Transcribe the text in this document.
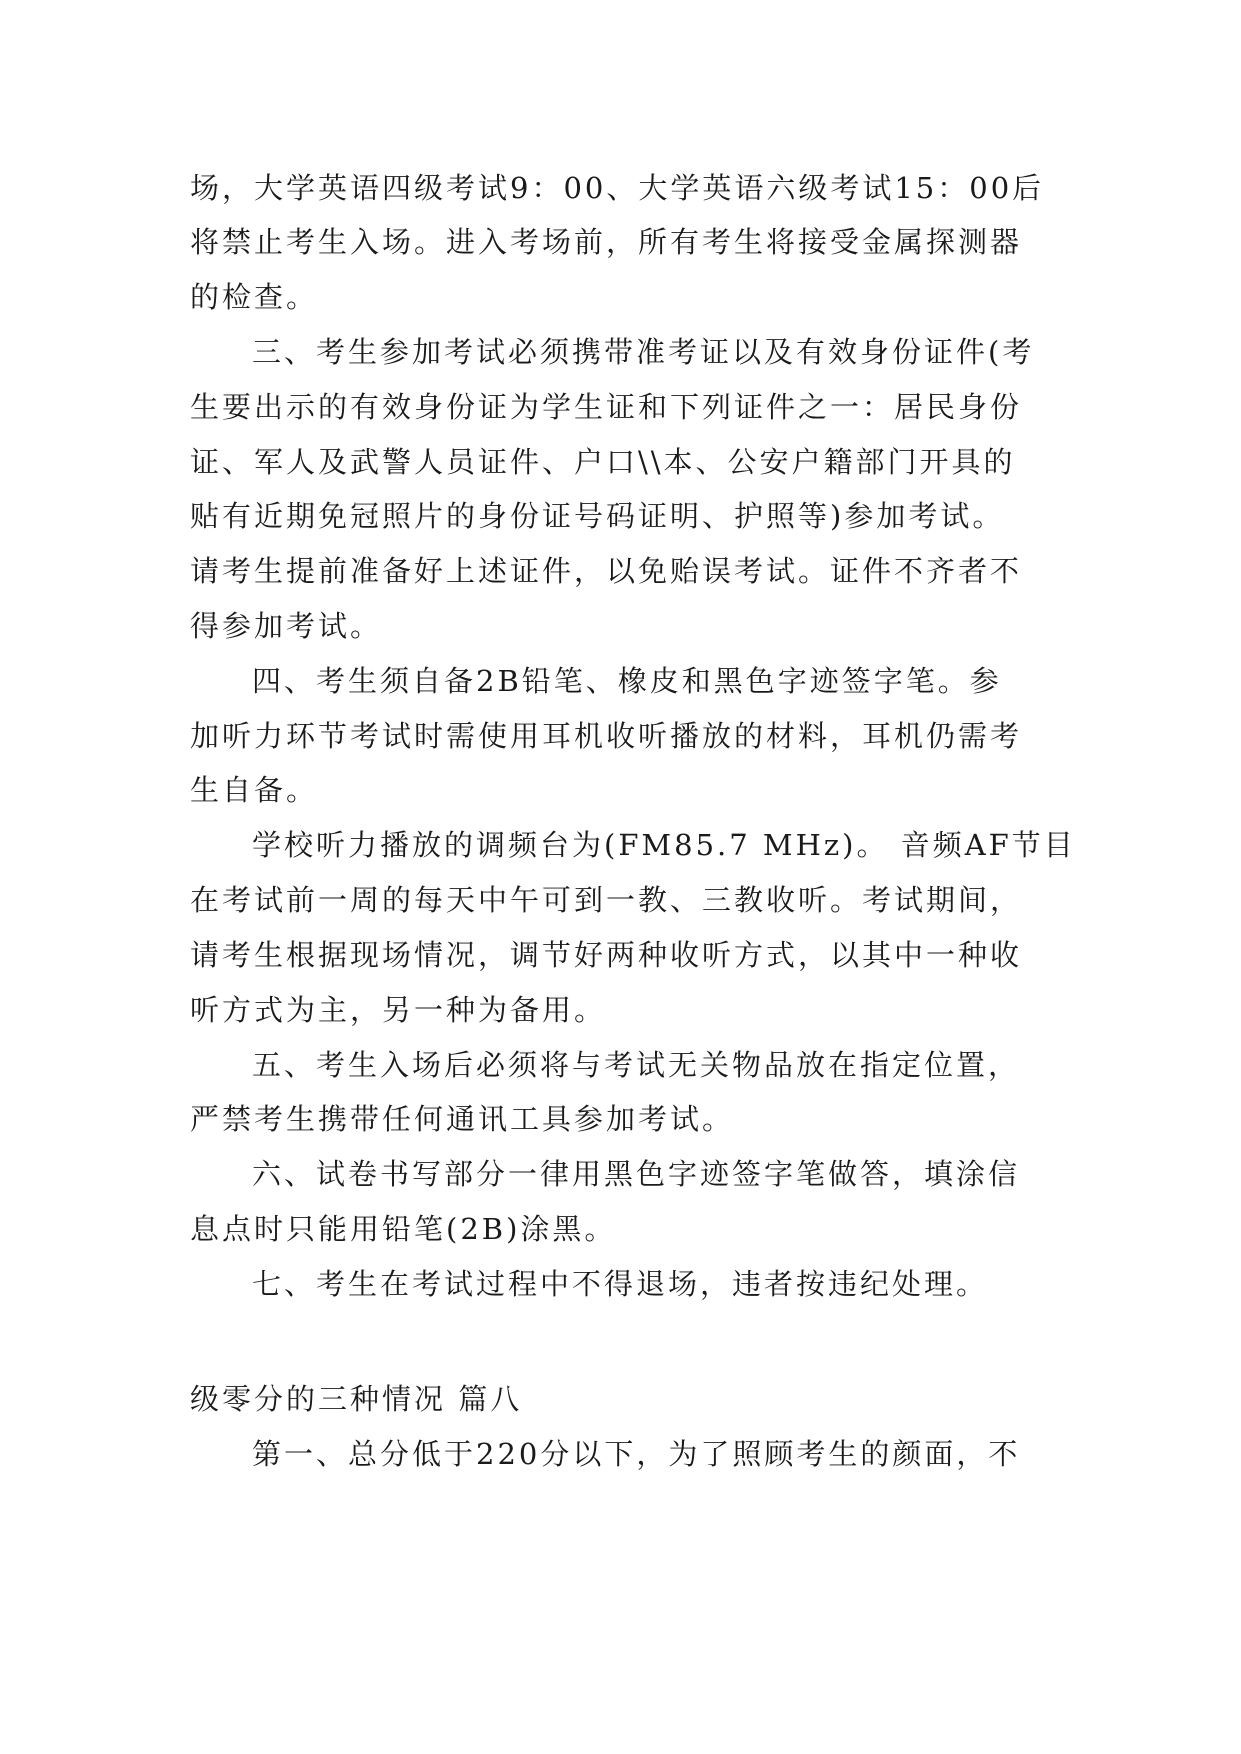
场，大学英语四级考试9：00、大学英语六级考试15：00后
将禁止考生入场。进入考场前，所有考生将接受金属探测器
的检查。
三、考生参加考试必须携带准考证以及有效身份证件(考
生要出示的有效身份证为学生证和下列证件之一：居民身份
证、军人及武警人员证件、户口\\本、公安户籍部门开具的
贴有近期免冠照片的身份证号码证明、护照等)参加考试。
请考生提前准备好上述证件，以免贻误考试。证件不齐者不
得参加考试。
四、考生须自备2B铅笔、橡皮和黑色字迹签字笔。参
加听力环节考试时需使用耳机收听播放的材料，耳机仍需考
生自备。
学校听力播放的调频台为(FM85.7 MHz)。 音频AF节目
在考试前一周的每天中午可到一教、三教收听。考试期间，
请考生根据现场情况，调节好两种收听方式，以其中一种收
听方式为主，另一种为备用。
五、考生入场后必须将与考试无关物品放在指定位置，
严禁考生携带任何通讯工具参加考试。
六、试卷书写部分一律用黑色字迹签字笔做答，填涂信
息点时只能用铅笔(2B)涂黑。
七、考生在考试过程中不得退场，违者按违纪处理。
级零分的三种情况 篇八
第一、总分低于220分以下，为了照顾考生的颜面，不
